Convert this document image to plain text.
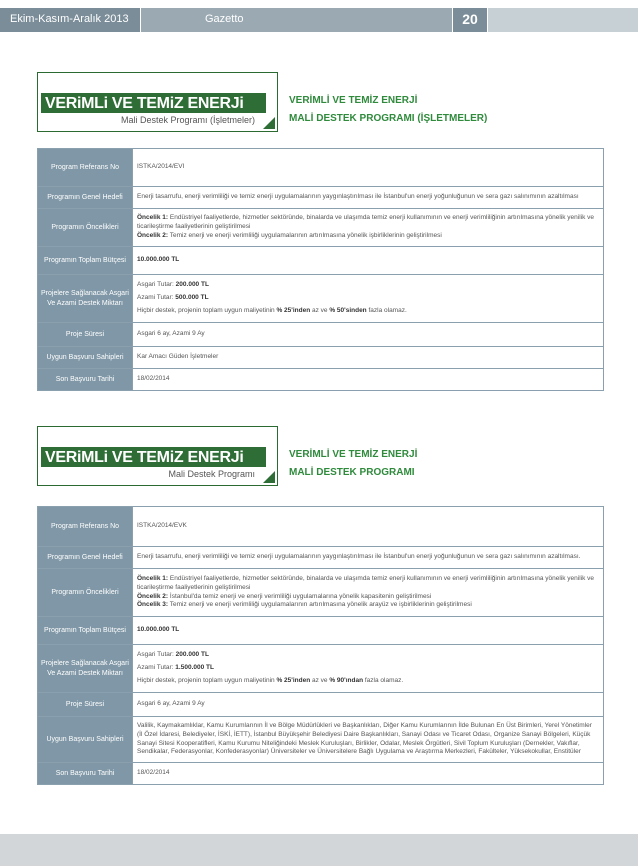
Ekim-Kasım-Aralık 2013	Gazetto	20
VERiMLi VE TEMiZ ENERJi
Mali Destek Programı (İşletmeler)
VERİMLİ VE TEMİZ ENERJİ
MALİ DESTEK PROGRAMI (İŞLETMELER)
Program Referans No	ISTKA/2014/EVI
Programın Genel Hedefi	Enerji tasarrufu, enerji verimliliği ve temiz enerji uygulamalarının yaygınlaştırılması ile İstanbul'un enerji yoğunluğunun ve sera gazı salınımının azaltılması
Programın Öncelikleri	Öncelik 1: Endüstriyel faaliyetlerde, hizmetler sektöründe, binalarda ve ulaşımda temiz enerji kullanımının ve enerji verimliliğinin artırılmasına yönelik yenilik ve ticarileştirme faaliyetlerinin geliştirilmesi
Öncelik 2: Temiz enerji ve enerji verimliliği uygulamalarının artırılmasına yönelik işbirliklerinin geliştirilmesi

Programın Toplam Bütçesi	10.000.000 TL
Projelere Sağlanacak Asgari Ve Azami Destek Miktarı	Asgari Tutar: 200.000 TL
Azami Tutar: 500.000 TL
Hiçbir destek, projenin toplam uygun maliyetinin % 25'inden az ve % 50'sinden fazla olamaz.

Proje Süresi	Asgari 6 ay, Azami 9 Ay
Uygun Başvuru Sahipleri	Kar Amacı Güden İşletmeler
Son Başvuru Tarihi	18/02/2014
VERiMLi VE TEMiZ ENERJi
Mali Destek Programı
VERİMLİ VE TEMİZ ENERJİ
MALİ DESTEK PROGRAMI
Program Referans No	ISTKA/2014/EVK
Programın Genel Hedefi	Enerji tasarrufu, enerji verimliliği ve temiz enerji uygulamalarının yaygınlaştırılması ile İstanbul'un enerji yoğunluğunun ve sera gazı salınımının azaltılması.
Programın Öncelikleri	Öncelik 1: Endüstriyel faaliyetlerde, hizmetler sektöründe, binalarda ve ulaşımda temiz enerji kullanımının ve enerji verimliliğinin artırılmasına yönelik yenilik ve ticarileştirme faaliyetlerinin geliştirilmesi
Öncelik 2: İstanbul'da temiz enerji ve enerji verimliliği uygulamalarına yönelik kapasitenin geliştirilmesi
Öncelik 3: Temiz enerji ve enerji verimliliği uygulamalarının artırılmasına yönelik arayüz ve işbirliklerinin geliştirilmesi

Programın Toplam Bütçesi	10.000.000 TL
Projelere Sağlanacak Asgari Ve Azami Destek Miktarı	Asgari Tutar: 200.000 TL
Azami Tutar: 1.500.000 TL
Hiçbir destek, projenin toplam uygun maliyetinin % 25'inden az ve % 90'ından fazla olamaz.

Proje Süresi	Asgari 6 ay, Azami 9 Ay
Uygun Başvuru Sahipleri	Valilik, Kaymakamlıklar, Kamu Kurumlarının İl ve Bölge Müdürlükleri ve Başkanlıkları, Diğer Kamu Kurumlarının İlde Bulunan En Üst Birimleri, Yerel Yönetimler (İl Özel İdaresi, Belediyeler, İSKİ, İETT), İstanbul Büyükşehir Belediyesi Daire Başkanlıkları, Sanayi Odası ve Ticaret Odası, Organize Sanayi Bölgeleri, Küçük Sanayi Sitesi Kooperatifleri, Kamu Kurumu Niteliğindeki Meslek Kuruluşları, Birlikler, Odalar, Meslek Örgütleri, Sivil Toplum Kuruluşları (Dernekler, Vakıflar, Sendikalar, Federasyonlar, Konfederasyonlar) Üniversiteler ve Üniversitelere Bağlı Uygulama ve Araştırma Merkezleri, Fakülteler, Yüksekokullar, Enstitüler
Son Başvuru Tarihi	18/02/2014
